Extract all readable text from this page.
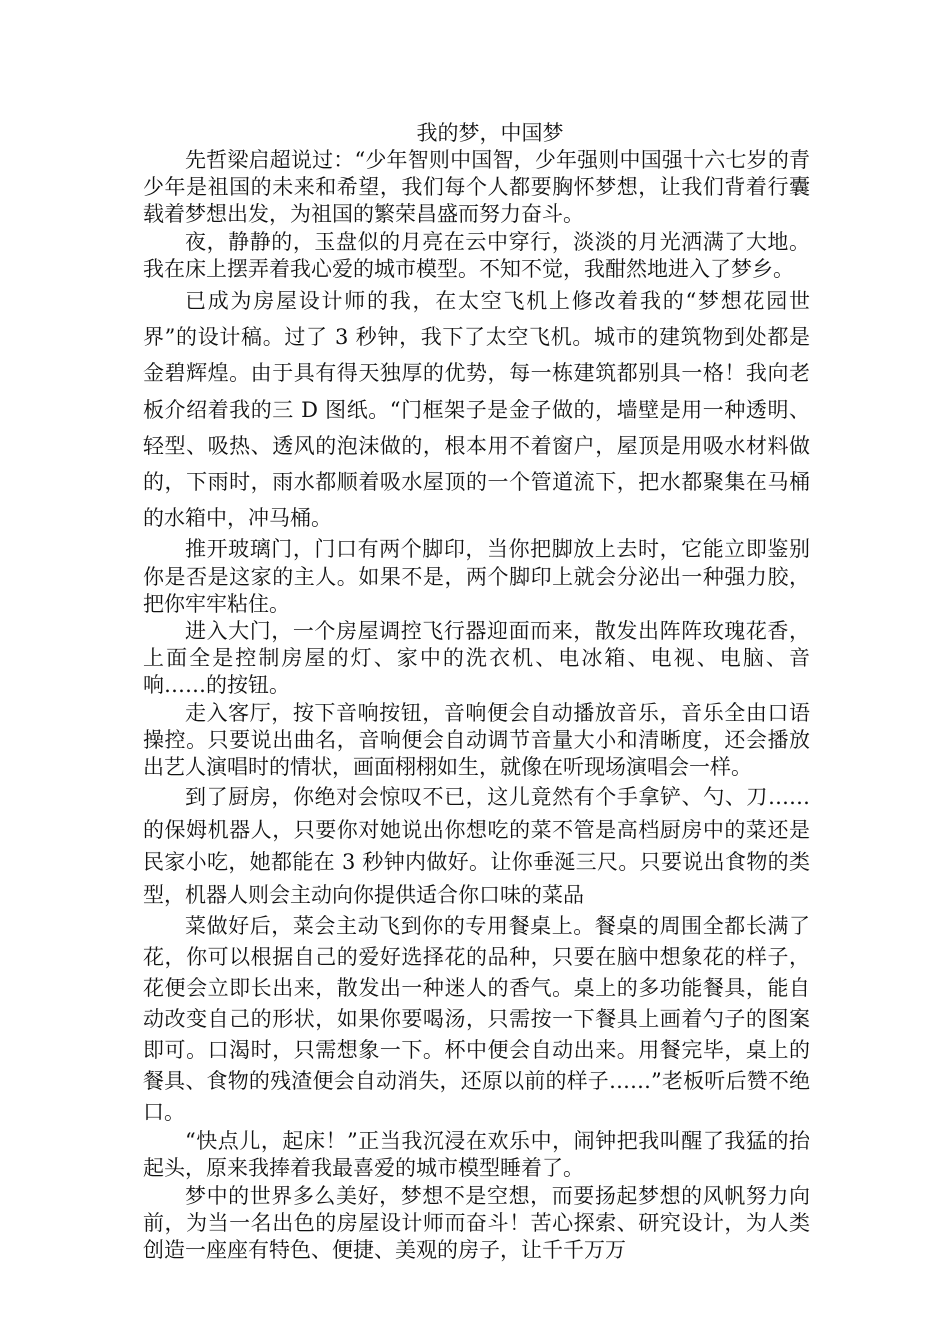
我的梦，中国梦

先哲梁启超说过：“少年智则中国智，少年强则中国强十六七岁的青少年是祖国的未来和希望，我们每个人都要胸怀梦想，让我们背着行囊载着梦想出发，为祖国的繁荣昌盛而努力奋斗。

夜，静静的，玉盘似的月亮在云中穿行，淡淡的月光洒满了大地。我在床上摆弄着我心爱的城市模型。不知不觉，我酣然地进入了梦乡。

已成为房屋设计师的我，在太空飞机上修改着我的“梦想花园世界”的设计稿。过了 3 秒钟，我下了太空飞机。城市的建筑物到处都是金碧辉煌。由于具有得天独厚的优势，每一栋建筑都别具一格！我向老板介绍着我的三 D 图纸。“门框架子是金子做的，墙壁是用一种透明、轻型、吸热、透风的泡沫做的，根本用不着窗户，屋顶是用吸水材料做的，下雨时，雨水都顺着吸水屋顶的一个管道流下，把水都聚集在马桶的水箱中，冲马桶。

推开玻璃门，门口有两个脚印，当你把脚放上去时，它能立即鉴别你是否是这家的主人。如果不是，两个脚印上就会分泌出一种强力胶，把你牢牢粘住。

进入大门，一个房屋调控飞行器迎面而来，散发出阵阵玫瑰花香，上面全是控制房屋的灯、家中的洗衣机、电冰箱、电视、电脑、音响……的按钮。

走入客厅，按下音响按钮，音响便会自动播放音乐，音乐全由口语操控。只要说出曲名，音响便会自动调节音量大小和清晰度，还会播放出艺人演唱时的情状，画面栩栩如生，就像在听现场演唱会一样。

到了厨房，你绝对会惊叹不已，这儿竟然有个手拿铲、勺、刀……的保姆机器人，只要你对她说出你想吃的菜不管是高档厨房中的菜还是民家小吃，她都能在 3 秒钟内做好。让你垂涎三尺。只要说出食物的类型，机器人则会主动向你提供适合你口味的菜品

菜做好后，菜会主动飞到你的专用餐桌上。餐桌的周围全都长满了花，你可以根据自己的爱好选择花的品种，只要在脑中想象花的样子，花便会立即长出来，散发出一种迷人的香气。桌上的多功能餐具，能自动改变自己的形状，如果你要喝汤，只需按一下餐具上画着勺子的图案即可。口渴时，只需想象一下。杯中便会自动出来。用餐完毕，桌上的餐具、食物的残渣便会自动消失，还原以前的样子……”老板听后赞不绝口。

“快点儿，起床！”正当我沉浸在欢乐中，闹钟把我叫醒了我猛的抬起头，原来我捧着我最喜爱的城市模型睡着了。

梦中的世界多么美好，梦想不是空想，而要扬起梦想的风帆努力向前，为当一名出色的房屋设计师而奋斗！苦心探索、研究设计，为人类创造一座座有特色、便捷、美观的房子，让千千万万
